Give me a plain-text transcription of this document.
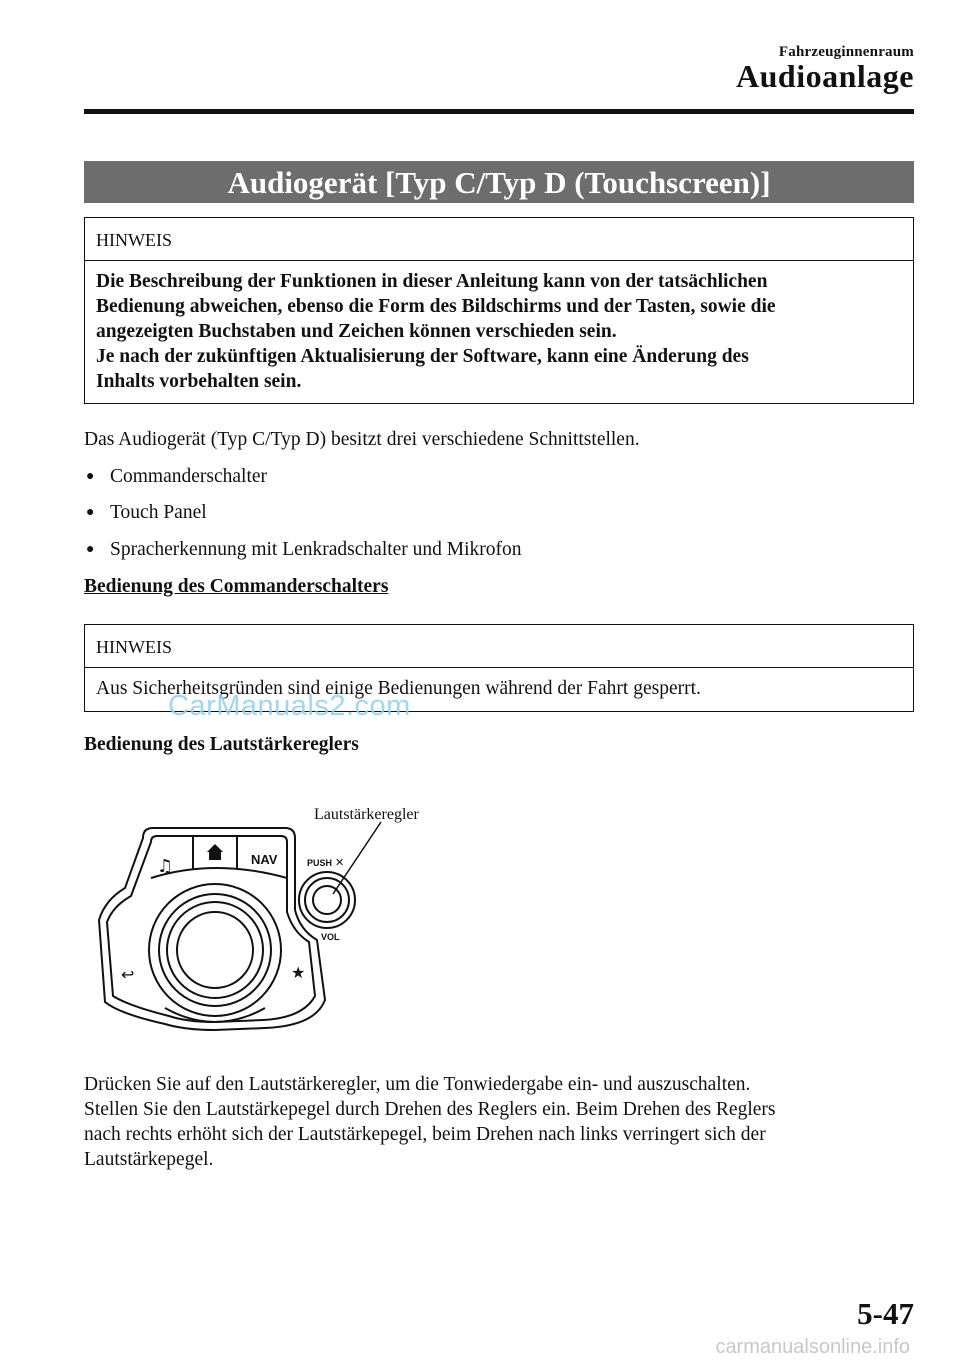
Fahrzeuginnenraum
Audioanlage
Audiogerät [Typ C/Typ D (Touchscreen)]
HINWEIS
Die Beschreibung der Funktionen in dieser Anleitung kann von der tatsächlichen
Bedienung abweichen, ebenso die Form des Bildschirms und der Tasten, sowie die
angezeigten Buchstaben und Zeichen können verschieden sein.
Je nach der zukünftigen Aktualisierung der Software, kann eine Änderung des
Inhalts vorbehalten sein.
Das Audiogerät (Typ C/Typ D) besitzt drei verschiedene Schnittstellen.
● Commanderschalter
● Touch Panel
● Spracherkennung mit Lenkradschalter und Mikrofon
Bedienung des Commanderschalters
HINWEIS
Aus Sicherheitsgründen sind einige Bedienungen während der Fahrt gesperrt.
CarManuals2.com
Bedienung des Lautstärkereglers
Lautstärkeregler
♫	NAV
↩	★
PUSH ✕
VOL
Drücken Sie auf den Lautstärkeregler, um die Tonwiedergabe ein- und auszuschalten.
Stellen Sie den Lautstärkepegel durch Drehen des Reglers ein. Beim Drehen des Reglers
nach rechts erhöht sich der Lautstärkepegel, beim Drehen nach links verringert sich der
Lautstärkepegel.
5-47
carmanualsonline.info
